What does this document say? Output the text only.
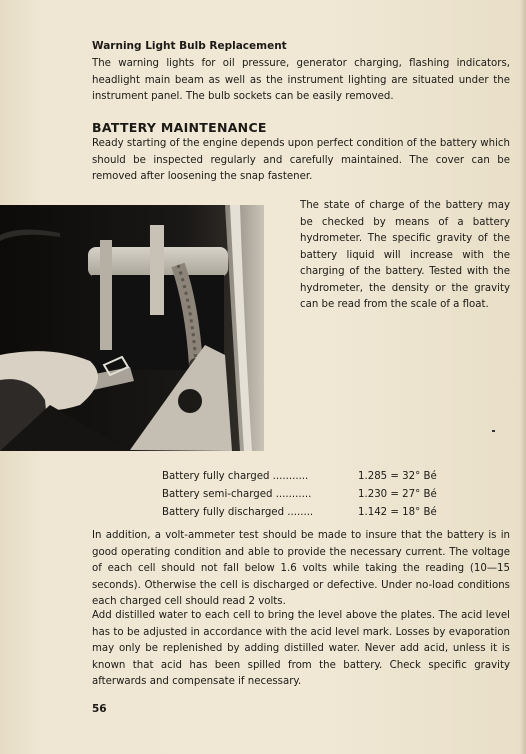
Warning Light Bulb Replacement
The warning lights for oil pressure, generator charging, flashing indicators, headlight main beam as well as the instrument lighting are situated under the instrument panel. The bulb sockets can be easily removed.
BATTERY MAINTENANCE
Ready starting of the engine depends upon perfect condition of the battery which should be inspected regularly and carefully maintained. The cover can be removed after loosening the snap fastener.
The state of charge of the battery may be checked by means of a battery hydrometer. The specific gravity of the battery liquid will increase with the charging of the battery. Tested with the hydrometer, the density or the gravity can be read from the scale of a float.
Battery fully charged ...........	1.285 = 32° Bé
Battery semi-charged ...........	1.230 = 27° Bé
Battery fully discharged ........	1.142 = 18° Bé
In addition, a volt-ammeter test should be made to insure that the battery is in good operating condition and able to provide the necessary current. The voltage of each cell should not fall below 1.6 volts while taking the reading (10—15 seconds). Otherwise the cell is discharged or defective. Under no-load conditions each charged cell should read 2 volts.
Add distilled water to each cell to bring the level above the plates. The acid level has to be adjusted in accordance with the acid level mark. Losses by evaporation may only be replenished by adding distilled water. Never add acid, unless it is known that acid has been spilled from the battery. Check specific gravity afterwards and compensate if necessary.
56
